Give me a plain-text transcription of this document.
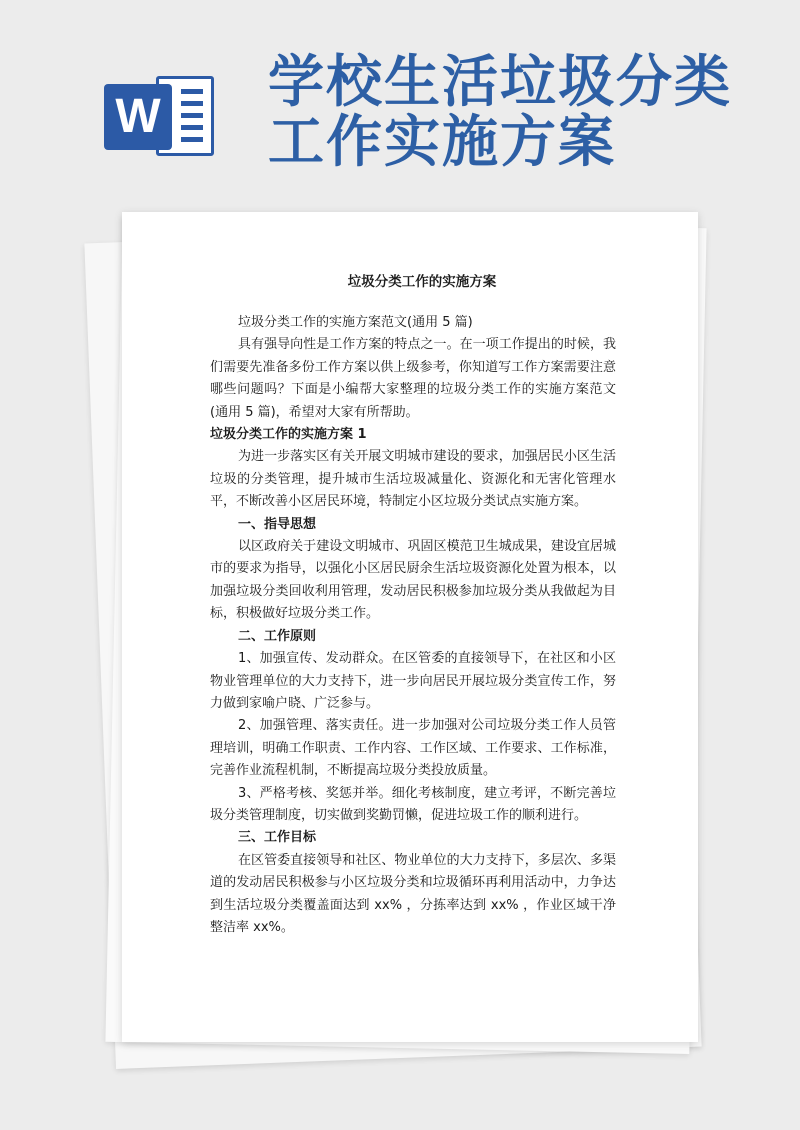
W
学校生活垃圾分类
工作实施方案
垃圾分类工作的实施方案
垃圾分类工作的实施方案范文(通用 5 篇)
具有强导向性是工作方案的特点之一。在一项工作提出的时候，我们需要先准备多份工作方案以供上级参考，你知道写工作方案需要注意哪些问题吗？下面是小编帮大家整理的垃圾分类工作的实施方案范文(通用 5 篇)，希望对大家有所帮助。
垃圾分类工作的实施方案 1
为进一步落实区有关开展文明城市建设的要求，加强居民小区生活垃圾的分类管理，提升城市生活垃圾减量化、资源化和无害化管理水平，不断改善小区居民环境，特制定小区垃圾分类试点实施方案。
一、指导思想
以区政府关于建设文明城市、巩固区模范卫生城成果，建设宜居城市的要求为指导，以强化小区居民厨余生活垃圾资源化处置为根本，以加强垃圾分类回收利用管理，发动居民积极参加垃圾分类从我做起为目标，积极做好垃圾分类工作。
二、工作原则
1、加强宣传、发动群众。在区管委的直接领导下，在社区和小区物业管理单位的大力支持下，进一步向居民开展垃圾分类宣传工作，努力做到家喻户晓、广泛参与。
2、加强管理、落实责任。进一步加强对公司垃圾分类工作人员管理培训，明确工作职责、工作内容、工作区域、工作要求、工作标准，完善作业流程机制，不断提高垃圾分类投放质量。
3、严格考核、奖惩并举。细化考核制度，建立考评，不断完善垃圾分类管理制度，切实做到奖勤罚懒，促进垃圾工作的顺利进行。
三、工作目标
在区管委直接领导和社区、物业单位的大力支持下，多层次、多渠道的发动居民积极参与小区垃圾分类和垃圾循环再利用活动中，力争达到生活垃圾分类覆盖面达到 xx% ，分拣率达到 xx% ，作业区域干净整洁率 xx%。
